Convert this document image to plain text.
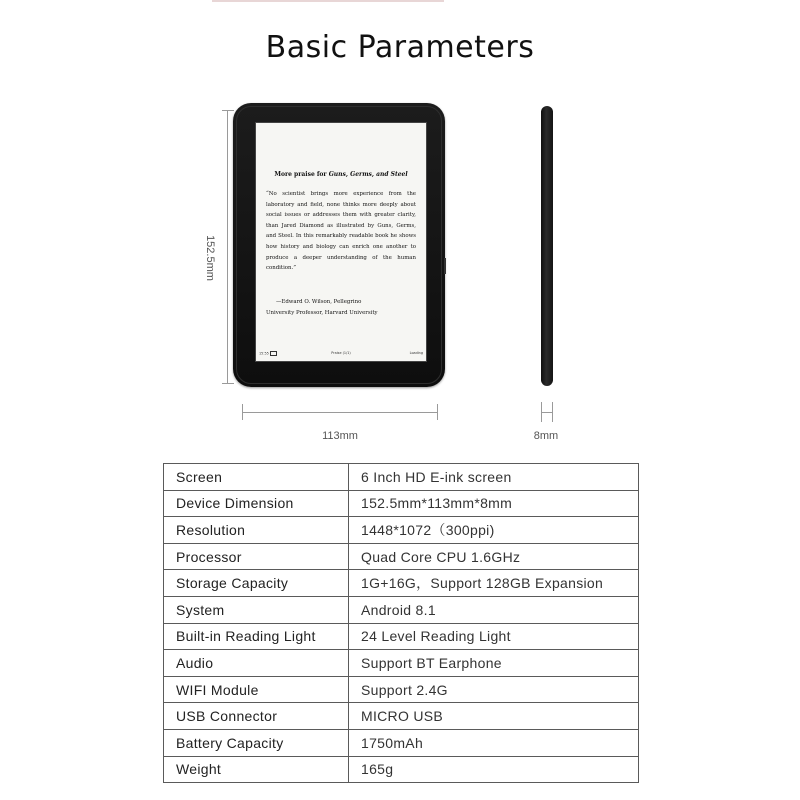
Basic Parameters
152.5mm
More praise for Guns, Germs, and Steel
“No scientist brings more experience from the laboratory and field, none thinks more deeply about social issues or addresses them with greater clarity, than Jared Diamond as illustrated by Guns, Germs, and Steel. In this remarkably readable book he shows how history and biology can enrich one another to produce a deeper understanding of the human condition.”
—Edward O. Wilson, Pellegrino
University Professor, Harvard University
15:55	Praise (1/1)	Loading
113mm	8mm
Screen	6 Inch HD E-ink screen
Device Dimension	152.5mm*113mm*8mm
Resolution	1448*1072（300ppi)
Processor	Quad Core CPU 1.6GHz
Storage Capacity	1G+16G，Support 128GB Expansion
System	Android 8.1
Built-in Reading Light	24 Level Reading Light
Audio	Support BT Earphone
WIFI Module	Support 2.4G
USB Connector	MICRO USB
Battery Capacity	1750mAh
Weight	165g
